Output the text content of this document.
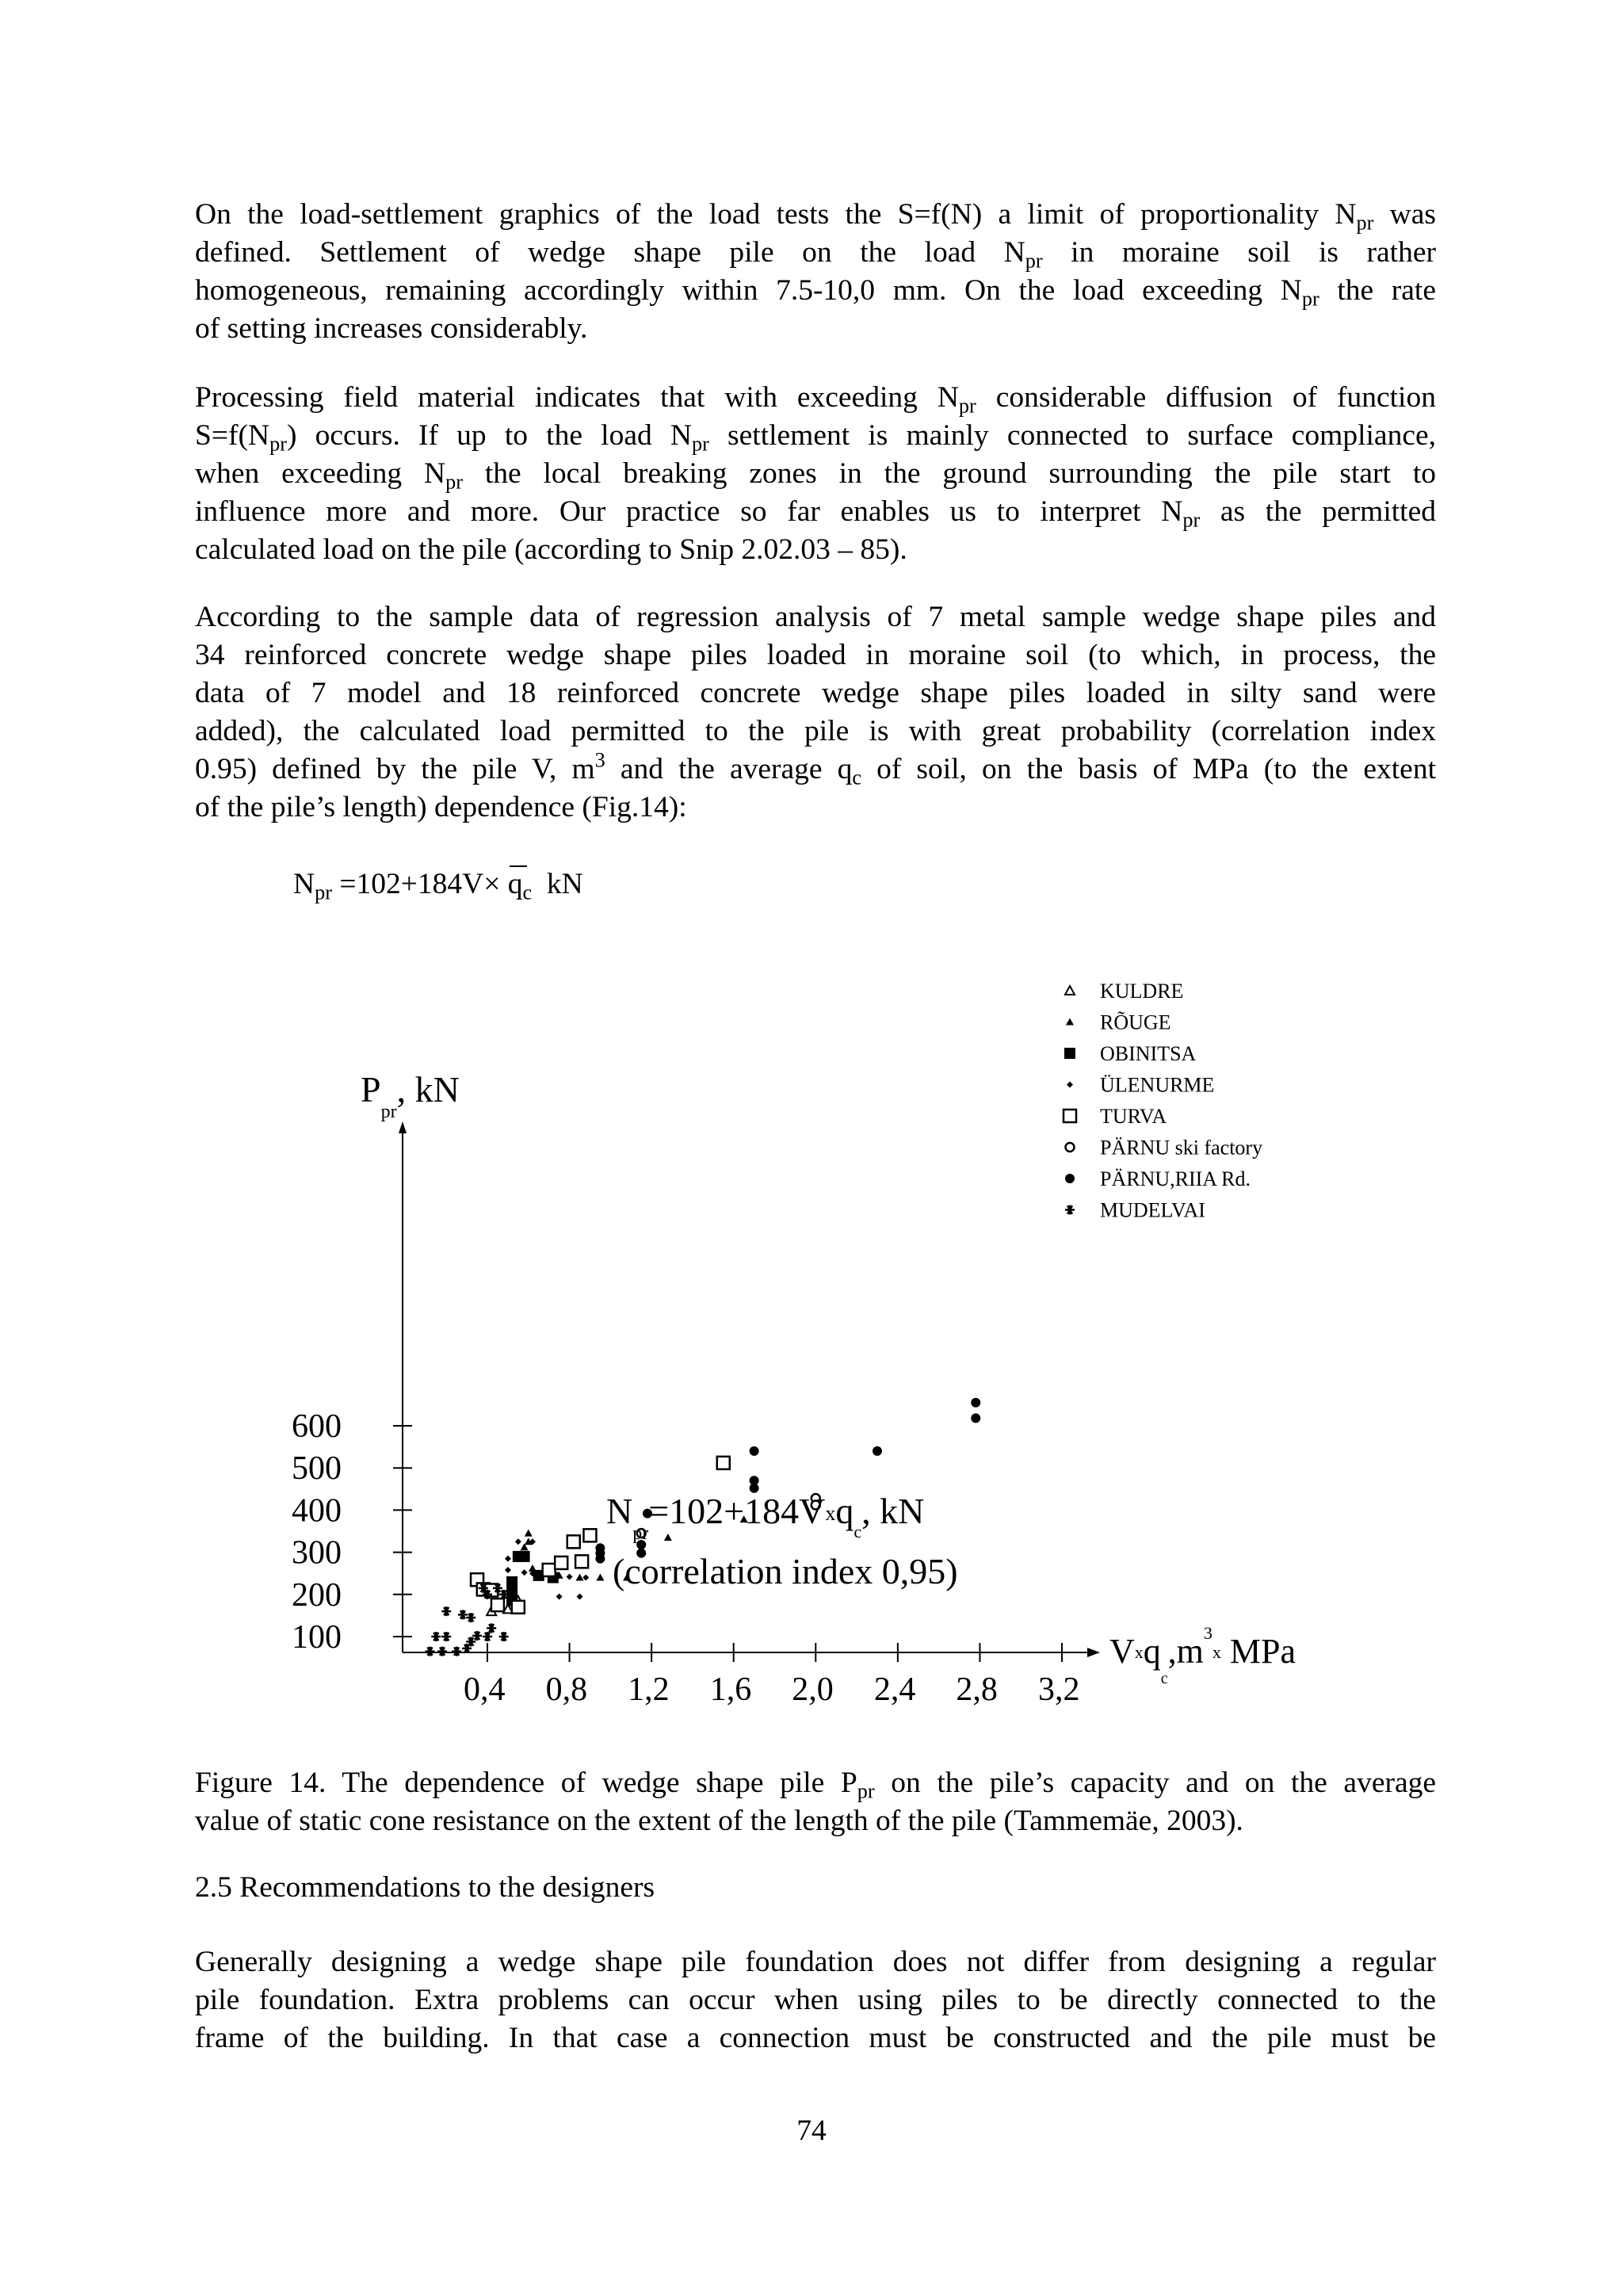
On the load-settlement graphics of the load tests the S=f(N) a limit of proportionality $N_{pr}$ was
defined. Settlement of wedge shape pile on the load $N_{pr}$ in moraine soil is rather
homogeneous, remaining accordingly within 7.5-10,0 mm. On the load exceeding $N_{pr}$ the rate
of setting increases considerably.
Processing field material indicates that with exceeding $N_{pr}$ considerable diffusion of function
$S=f(N_{pr})$ occurs. If up to the load $N_{pr}$ settlement is mainly connected to surface compliance,
when exceeding $N_{pr}$ the local breaking zones in the ground surrounding the pile start to
influence more and more. Our practice so far enables us to interpret $N_{pr}$ as the permitted
calculated load on the pile (according to Snip 2.02.03 – 85).
According to the sample data of regression analysis of 7 metal sample wedge shape piles and
34 reinforced concrete wedge shape piles loaded in moraine soil (to which, in process, the
data of 7 model and 18 reinforced concrete wedge shape piles loaded in silty sand were
added), the calculated load permitted to the pile is with great probability (correlation index
0.95) defined by the pile V, $m^3$ and the average $q_c$ of soil, on the basis of MPa (to the extent
of the pile’s length) dependence (Fig.14):
$N_{pr} =102+184V\times q_c$  kN
100
200
300
400
500
600
0,4 0,8 1,2 1,6 2,0 2,4 2,8 3,2
$P_{pr}$, kN
$Vxq_c,m^3_x$ MPa
$N_{pr}=102+184Vxq_c$, kN
(correlation index 0,95)
KULDRE
RÕUGE
OBINITSA
ÜLENURME
TURVA
PÄRNU ski factory
PÄRNU,RIIA Rd.
MUDELVAI
Figure 14. The dependence of wedge shape pile $P_{pr}$ on the pile’s capacity and on the average
value of static cone resistance on the extent of the length of the pile (Tammemäe, 2003).
2.5 Recommendations to the designers
Generally designing a wedge shape pile foundation does not differ from designing a regular
pile foundation. Extra problems can occur when using piles to be directly connected to the
frame of the building. In that case a connection must be constructed and the pile must be
74
